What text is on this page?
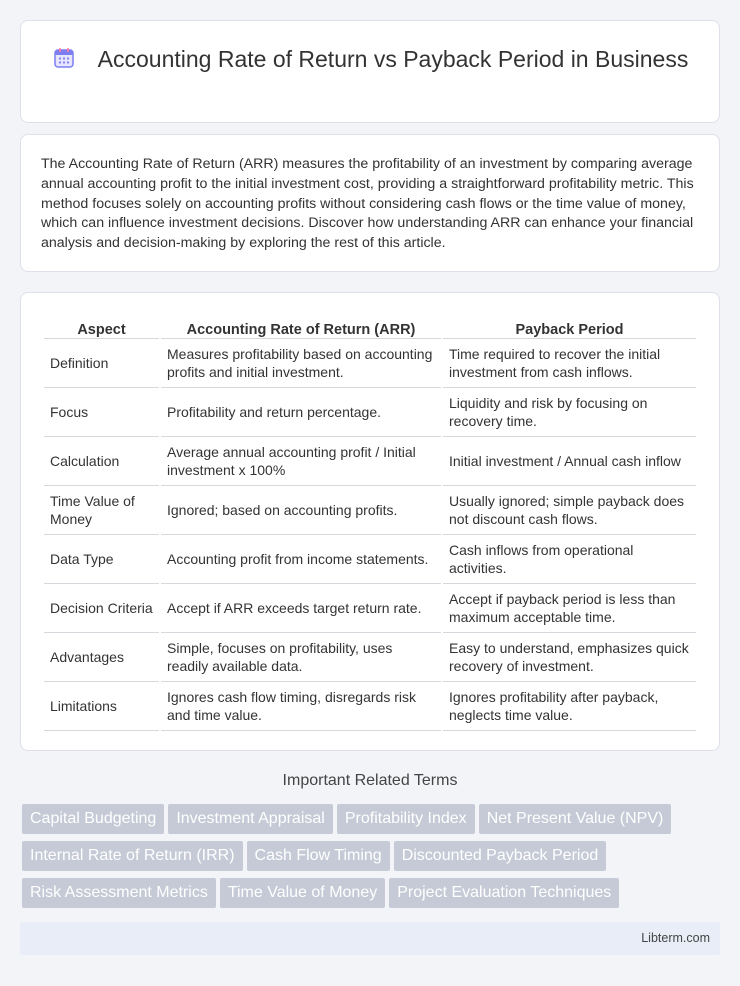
Accounting Rate of Return vs Payback Period in Business

The Accounting Rate of Return (ARR) measures the profitability of an investment by comparing average annual accounting profit to the initial investment cost, providing a straightforward profitability metric. This method focuses solely on accounting profits without considering cash flows or the time value of money, which can influence investment decisions. Discover how understanding ARR can enhance your financial analysis and decision-making by exploring the rest of this article.

Aspect	Accounting Rate of Return (ARR)	Payback Period
Definition	Measures profitability based on accounting profits and initial investment.	Time required to recover the initial investment from cash inflows.
Focus	Profitability and return percentage.	Liquidity and risk by focusing on recovery time.
Calculation	Average annual accounting profit / Initial investment x 100%	Initial investment / Annual cash inflow
Time Value of Money	Ignored; based on accounting profits.	Usually ignored; simple payback does not discount cash flows.
Data Type	Accounting profit from income statements.	Cash inflows from operational activities.
Decision Criteria	Accept if ARR exceeds target return rate.	Accept if payback period is less than maximum acceptable time.
Advantages	Simple, focuses on profitability, uses readily available data.	Easy to understand, emphasizes quick recovery of investment.
Limitations	Ignores cash flow timing, disregards risk and time value.	Ignores profitability after payback, neglects time value.
Important Related Terms
Capital Budgeting Investment Appraisal Profitability Index Net Present Value (NPV)
Internal Rate of Return (IRR) Cash Flow Timing Discounted Payback Period
Risk Assessment Metrics Time Value of Money Project Evaluation Techniques
Libterm.com
